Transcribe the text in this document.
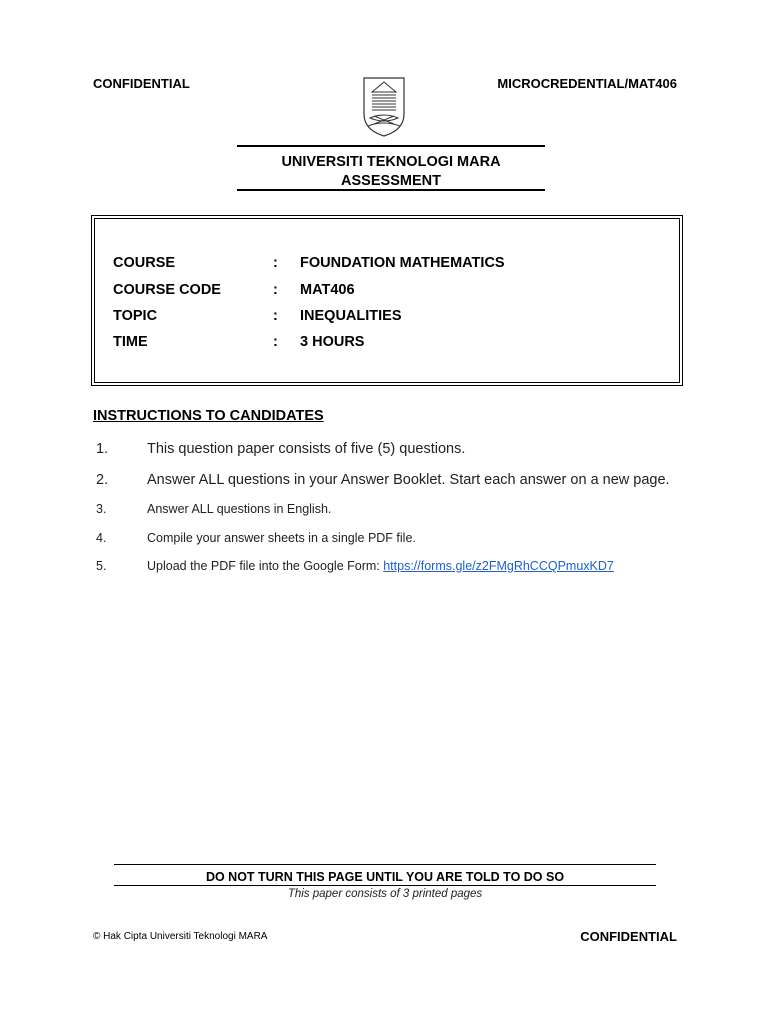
CONFIDENTIAL	MICROCREDENTIAL/MAT406
UNIVERSITI TEKNOLOGI MARA
ASSESSMENT
COURSE	: FOUNDATION MATHEMATICS
COURSE CODE	: MAT406
TOPIC	: INEQUALITIES
TIME	: 3 HOURS
INSTRUCTIONS TO CANDIDATES
1.	This question paper consists of five (5) questions.
2.	Answer ALL questions in your Answer Booklet. Start each answer on a new page.
3.	Answer ALL questions in English.
4.	Compile your answer sheets in a single PDF file.
5.	Upload the PDF file into the Google Form: https://forms.gle/z2FMgRhCCQPmuxKD7
DO NOT TURN THIS PAGE UNTIL YOU ARE TOLD TO DO SO
This paper consists of 3 printed pages
© Hak Cipta Universiti Teknologi MARA	CONFIDENTIAL
